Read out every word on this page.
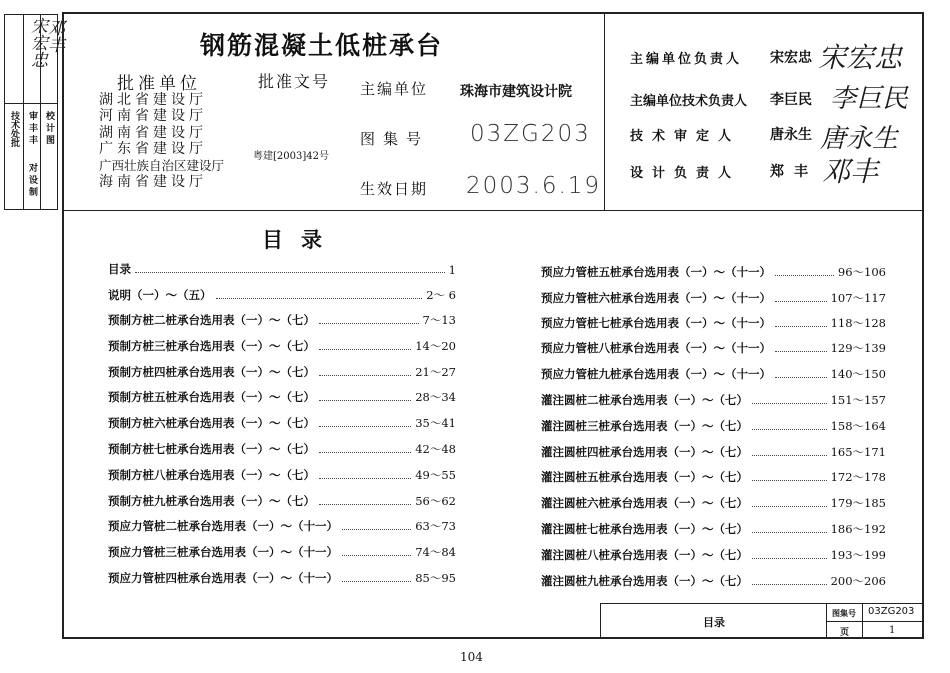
宋宏忠
邓丰
技术处批 审 丰 丰 校 计 图
对 设 制
钢筋混凝土低桩承台
批准单位
湖北省建设厅
河南省建设厅
湖南省建设厅
广东省建设厅
广西壮族自治区建设厅
海南省建设厅
批准文号
粤建[2003]42号
主编单位 珠海市建筑设计院
图集号 03ZG203
生效日期 2003.6.19
主编单位负责人 宋宏忠 宋宏忠
主编单位技术负责人 李巨民 李巨民
技术审定人 唐永生 唐永生
设计负责人 郑丰 邓丰
目录
目录	1
说明（一）～（五）	2～ 6
预制方桩二桩承台选用表（一）～（七）	7～13
预制方桩三桩承台选用表（一）～（七）	14～20
预制方桩四桩承台选用表（一）～（七）	21～27
预制方桩五桩承台选用表（一）～（七）	28～34
预制方桩六桩承台选用表（一）～（七）	35～41
预制方桩七桩承台选用表（一）～（七）	42～48
预制方桩八桩承台选用表（一）～（七）	49～55
预制方桩九桩承台选用表（一）～（七）	56～62
预应力管桩二桩承台选用表（一）～（十一）	63～73
预应力管桩三桩承台选用表（一）～（十一）	74～84
预应力管桩四桩承台选用表（一）～（十一）	85～95
预应力管桩五桩承台选用表（一）～（十一）	96～106
预应力管桩六桩承台选用表（一）～（十一）	107～117
预应力管桩七桩承台选用表（一）～（十一）	118～128
预应力管桩八桩承台选用表（一）～（十一）	129～139
预应力管桩九桩承台选用表（一）～（十一）	140～150
灌注圆桩二桩承台选用表（一）～（七）	151～157
灌注圆桩三桩承台选用表（一）～（七）	158～164
灌注圆桩四桩承台选用表（一）～（七）	165～171
灌注圆桩五桩承台选用表（一）～（七）	172～178
灌注圆桩六桩承台选用表（一）～（七）	179～185
灌注圆桩七桩承台选用表（一）～（七）	186～192
灌注圆桩八桩承台选用表（一）～（七）	193～199
灌注圆桩九桩承台选用表（一）～（七）	200～206
目录
图集号 03ZG203
页	1
104
